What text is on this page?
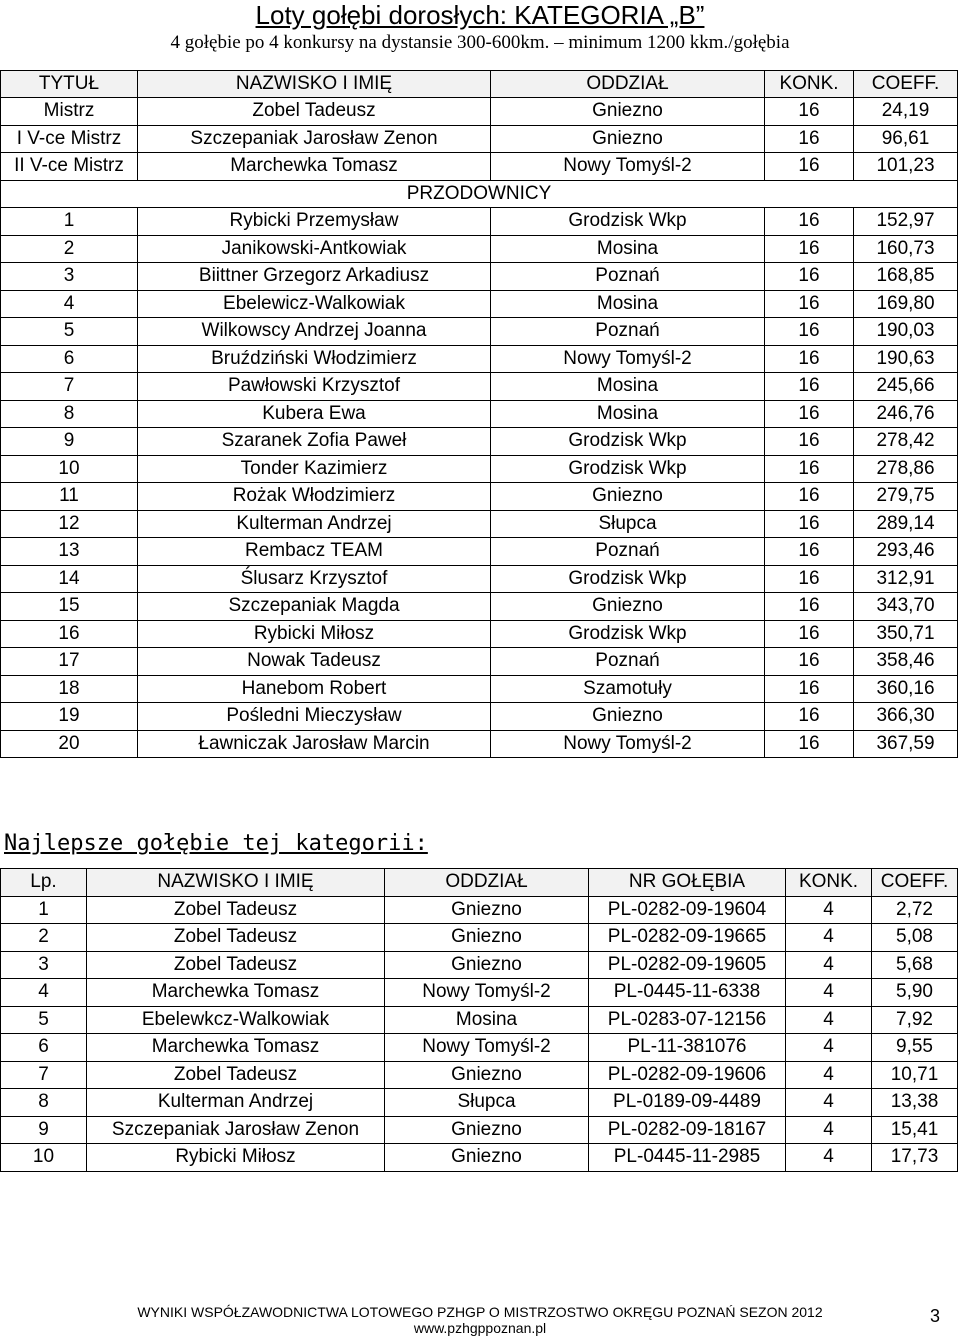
Loty gołębi dorosłych: KATEGORIA „B”
4 gołębie po 4 konkursy na dystansie 300-600km. – minimum 1200 kkm./gołębia
TYTUŁ	NAZWISKO I IMIĘ	ODDZIAŁ	KONK.	COEFF.
Mistrz	Zobel Tadeusz	Gniezno	16	24,19
I V-ce Mistrz	Szczepaniak Jarosław Zenon	Gniezno	16	96,61
II V-ce Mistrz	Marchewka Tomasz	Nowy Tomyśl-2	16	101,23
PRZODOWNICY				
1	Rybicki Przemysław	Grodzisk Wkp	16	152,97
2	Janikowski-Antkowiak	Mosina	16	160,73
3	Biittner Grzegorz Arkadiusz	Poznań	16	168,85
4	Ebelewicz-Walkowiak	Mosina	16	169,80
5	Wilkowscy Andrzej Joanna	Poznań	16	190,03
6	Bruździński Włodzimierz	Nowy Tomyśl-2	16	190,63
7	Pawłowski Krzysztof	Mosina	16	245,66
8	Kubera Ewa	Mosina	16	246,76
9	Szaranek Zofia Paweł	Grodzisk Wkp	16	278,42
10	Tonder Kazimierz	Grodzisk Wkp	16	278,86
11	Rożak Włodzimierz	Gniezno	16	279,75
12	Kulterman Andrzej	Słupca	16	289,14
13	Rembacz TEAM	Poznań	16	293,46
14	Ślusarz Krzysztof	Grodzisk Wkp	16	312,91
15	Szczepaniak Magda	Gniezno	16	343,70
16	Rybicki Miłosz	Grodzisk Wkp	16	350,71
17	Nowak Tadeusz	Poznań	16	358,46
18	Hanebom Robert	Szamotuły	16	360,16
19	Pośledni Mieczysław	Gniezno	16	366,30
20	Ławniczak Jarosław Marcin	Nowy Tomyśl-2	16	367,59
Najlepsze gołębie tej kategorii:
Lp.	NAZWISKO I IMIĘ	ODDZIAŁ	NR GOŁĘBIA	KONK.	COEFF.
1	Zobel Tadeusz	Gniezno	PL-0282-09-19604	4	2,72
2	Zobel Tadeusz	Gniezno	PL-0282-09-19665	4	5,08
3	Zobel Tadeusz	Gniezno	PL-0282-09-19605	4	5,68
4	Marchewka Tomasz	Nowy Tomyśl-2	PL-0445-11-6338	4	5,90
5	Ebelewkcz-Walkowiak	Mosina	PL-0283-07-12156	4	7,92
6	Marchewka Tomasz	Nowy Tomyśl-2	PL-11-381076	4	9,55
7	Zobel Tadeusz	Gniezno	PL-0282-09-19606	4	10,71
8	Kulterman Andrzej	Słupca	PL-0189-09-4489	4	13,38
9	Szczepaniak Jarosław Zenon	Gniezno	PL-0282-09-18167	4	15,41
10	Rybicki Miłosz	Gniezno	PL-0445-11-2985	4	17,73
WYNIKI WSPÓŁZAWODNICTWA LOTOWEGO PZHGP O MISTRZOSTWO OKRĘGU POZNAŃ SEZON 2012
www.pzhgppoznan.pl
3
